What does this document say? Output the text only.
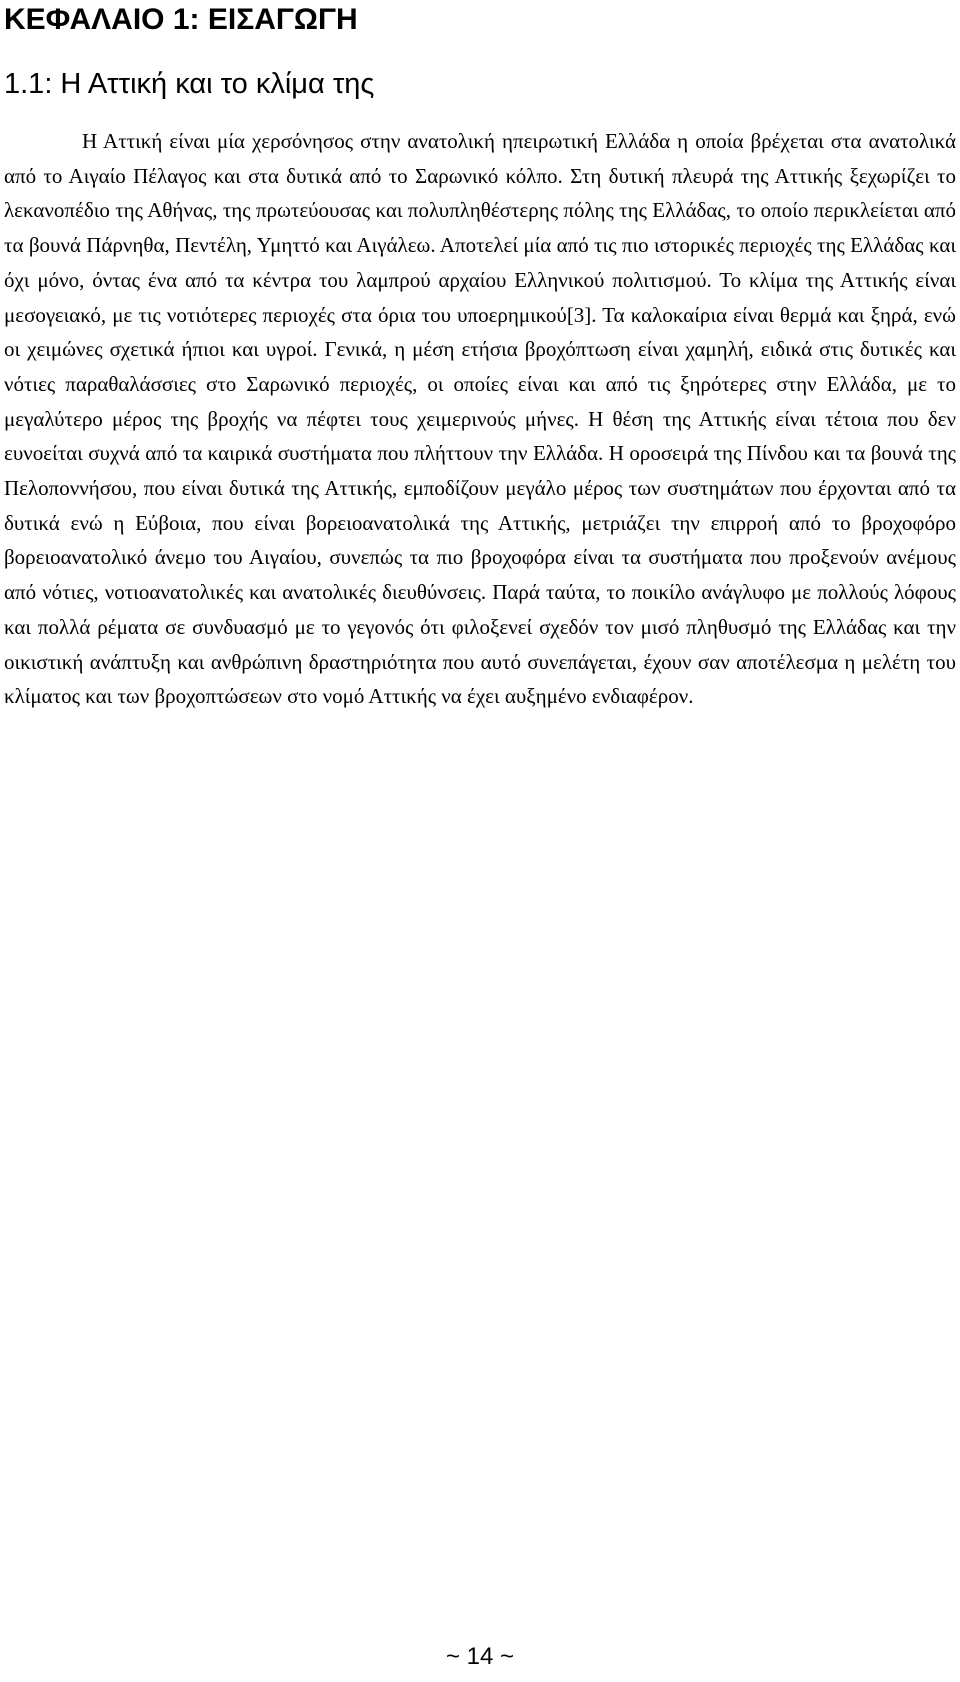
ΚΕΦΑΛΑΙΟ 1: ΕΙΣΑΓΩΓΗ
1.1: Η Αττική και το κλίμα της

Η Αττική είναι μία χερσόνησος στην ανατολική ηπειρωτική Ελλάδα η οποία βρέχεται στα ανατολικά από το Αιγαίο Πέλαγος και στα δυτικά από το Σαρωνικό κόλπο. Στη δυτική πλευρά της Αττικής ξεχωρίζει το λεκανοπέδιο της Αθήνας, της πρωτεύουσας και πολυπληθέστερης πόλης της Ελλάδας, το οποίο περικλείεται από τα βουνά Πάρνηθα, Πεντέλη, Υμηττό και Αιγάλεω. Αποτελεί μία από τις πιο ιστορικές περιοχές της Ελλάδας και όχι μόνο, όντας ένα από τα κέντρα του λαμπρού αρχαίου Ελληνικού πολιτισμού. Το κλίμα της Αττικής είναι μεσογειακό, με τις νοτιότερες περιοχές στα όρια του υποερημικού[3]. Τα καλοκαίρια είναι θερμά και ξηρά, ενώ οι χειμώνες σχετικά ήπιοι και υγροί. Γενικά, η μέση ετήσια βροχόπτωση είναι χαμηλή, ειδικά στις δυτικές και νότιες παραθαλάσσιες στο Σαρωνικό περιοχές, οι οποίες είναι και από τις ξηρότερες στην Ελλάδα, με το μεγαλύτερο μέρος της βροχής να πέφτει τους χειμερινούς μήνες. Η θέση της Αττικής είναι τέτοια που δεν ευνοείται συχνά από τα καιρικά συστήματα που πλήττουν την Ελλάδα. Η οροσειρά της Πίνδου και τα βουνά της Πελοποννήσου, που είναι δυτικά της Αττικής, εμποδίζουν μεγάλο μέρος των συστημάτων που έρχονται από τα δυτικά ενώ η Εύβοια, που είναι βορειοανατολικά της Αττικής, μετριάζει την επιρροή από το βροχοφόρο βορειοανατολικό άνεμο του Αιγαίου, συνεπώς τα πιο βροχοφόρα είναι τα συστήματα που προξενούν ανέμους από νότιες, νοτιοανατολικές και ανατολικές διευθύνσεις. Παρά ταύτα, το ποικίλο ανάγλυφο με πολλούς λόφους και πολλά ρέματα σε συνδυασμό με το γεγονός ότι φιλοξενεί σχεδόν τον μισό πληθυσμό της Ελλάδας και την οικιστική ανάπτυξη και ανθρώπινη δραστηριότητα που αυτό συνεπάγεται, έχουν σαν αποτέλεσμα η μελέτη του κλίματος και των βροχοπτώσεων στο νομό Αττικής να έχει αυξημένο ενδιαφέρον.

~ 14 ~
